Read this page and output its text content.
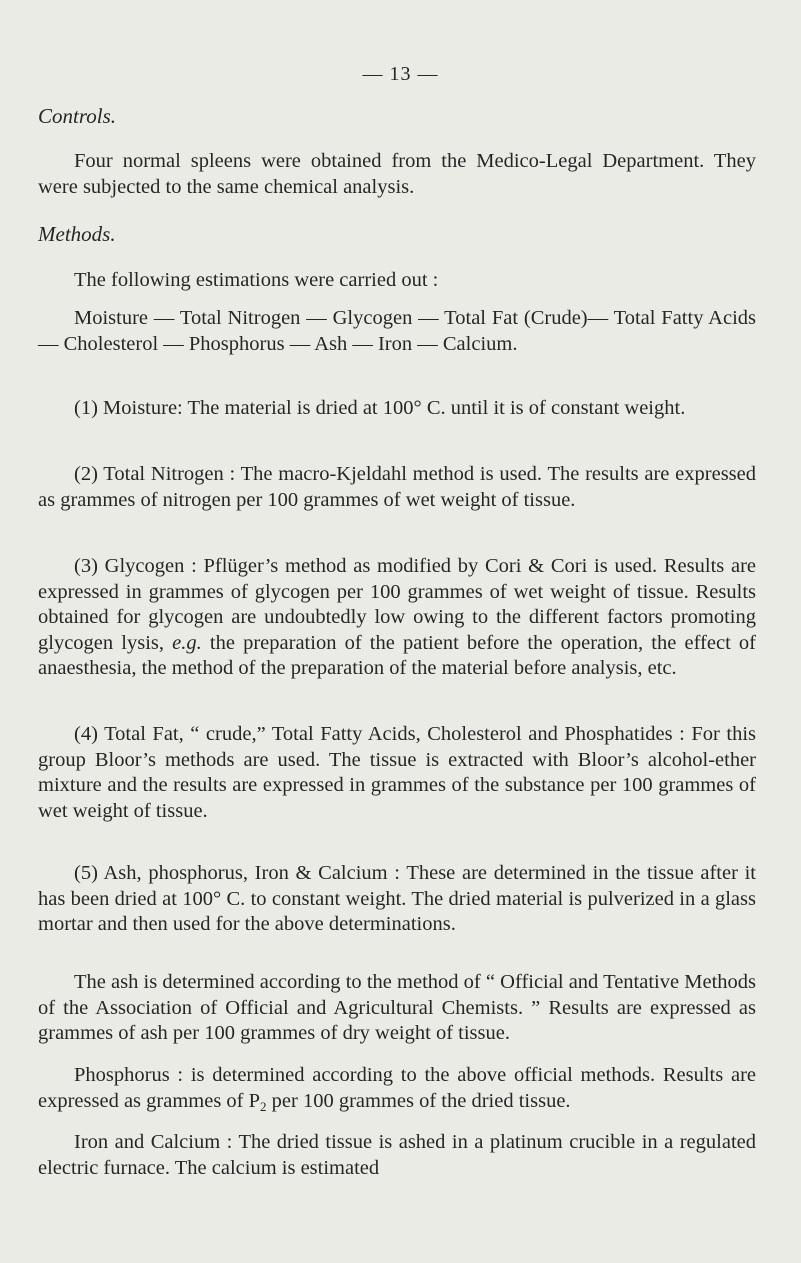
— 13 —
Controls.
Four normal spleens were obtained from the Medico-Legal Department. They were subjected to the same chemical analysis.
Methods.
The following estimations were carried out :
Moisture — Total Nitrogen — Glycogen — Total Fat (Crude)— Total Fatty Acids — Cholesterol — Phosphorus — Ash — Iron — Calcium.
(1) Moisture: The material is dried at 100° C. until it is of constant weight.
(2) Total Nitrogen : The macro-Kjeldahl method is used. The results are expressed as grammes of nitrogen per 100 grammes of wet weight of tissue.
(3) Glycogen : Pflüger’s method as modified by Cori & Cori is used. Results are expressed in grammes of glycogen per 100 grammes of wet weight of tissue. Results obtained for glycogen are undoubtedly low owing to the different factors promoting glycogen lysis, e.g. the preparation of the patient before the operation, the effect of anaesthesia, the method of the preparation of the material before analysis, etc.
(4) Total Fat, “ crude,” Total Fatty Acids, Cholesterol and Phosphatides : For this group Bloor’s methods are used. The tissue is extracted with Bloor’s alcohol-ether mixture and the results are expressed in grammes of the substance per 100 grammes of wet weight of tissue.
(5) Ash, phosphorus, Iron & Calcium : These are determined in the tissue after it has been dried at 100° C. to constant weight. The dried material is pulverized in a glass mortar and then used for the above determinations.
The ash is determined according to the method of “ Official and Tentative Methods of the Association of Official and Agricultural Chemists. ” Results are expressed as grammes of ash per 100 grammes of dry weight of tissue.
Phosphorus : is determined according to the above official methods. Results are expressed as grammes of $P_2$ per 100 grammes of the dried tissue.
Iron and Calcium : The dried tissue is ashed in a platinum crucible in a regulated electric furnace. The calcium is estimated
